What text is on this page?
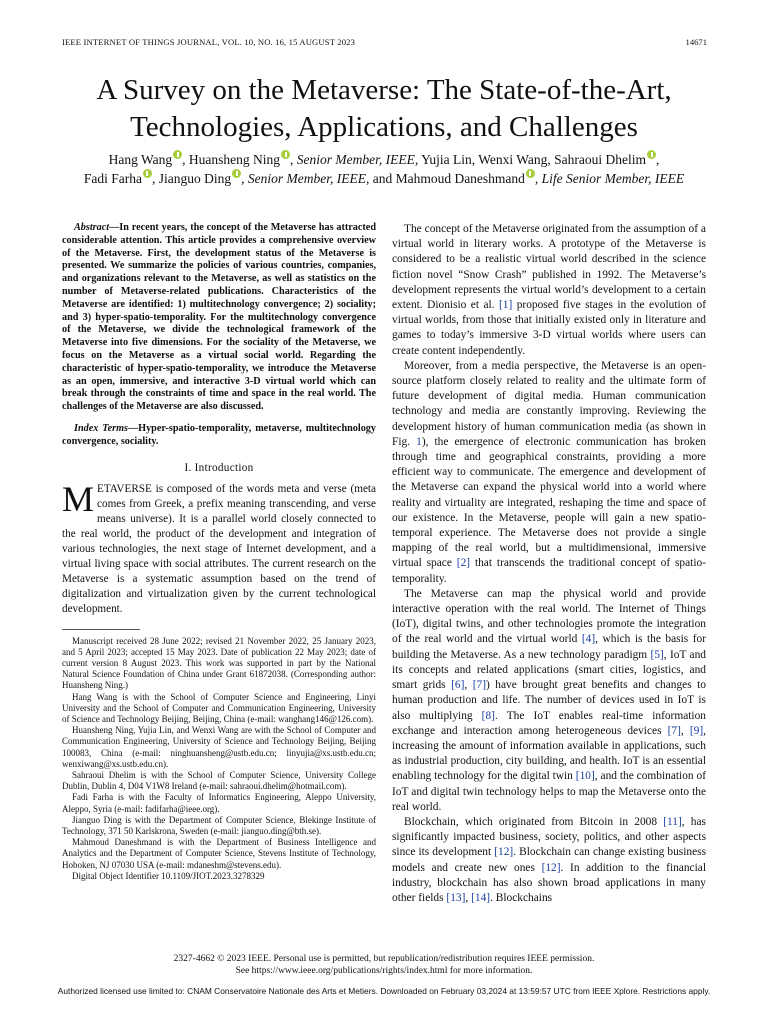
IEEE INTERNET OF THINGS JOURNAL, VOL. 10, NO. 16, 15 AUGUST 2023	14671
A Survey on the Metaverse: The State-of-the-Art,
Technologies, Applications, and Challenges
Hang Wang , Huansheng Ning , Senior Member, IEEE, Yujia Lin, Wenxi Wang, Sahraoui Dhelim ,
Fadi Farha , Jianguo Ding , Senior Member, IEEE, and Mahmoud Daneshmand , Life Senior Member, IEEE

Abstract—In recent years, the concept of the Metaverse has attracted considerable attention. This article provides a comprehensive overview of the Metaverse. First, the development status of the Metaverse is presented. We summarize the policies of various countries, companies, and organizations relevant to the Metaverse, as well as statistics on the number of Metaverse-related publications. Characteristics of the Metaverse are identified: 1) multitechnology convergence; 2) sociality; and 3) hyper-spatio-temporality. For the multitechnology convergence of the Metaverse, we divide the technological framework of the Metaverse into five dimensions. For the sociality of the Metaverse, we focus on the Metaverse as a virtual social world. Regarding the characteristic of hyper-spatio-temporality, we introduce the Metaverse as an open, immersive, and interactive 3-D virtual world which can break through the constraints of time and space in the real world. The challenges of the Metaverse are also discussed.

Index Terms—Hyper-spatio-temporality, metaverse, multitechnology convergence, sociality.

I. Introduction

METAVERSE is composed of the words meta and verse (meta comes from Greek, a prefix meaning transcending, and verse means universe). It is a parallel world closely connected to the real world, the product of the development and integration of various technologies, the next stage of Internet development, and a virtual living space with social attributes. The current research on the Metaverse is a systematic assumption based on the trend of digitalization and virtualization given by the current technological development.

Manuscript received 28 June 2022; revised 21 November 2022, 25 January 2023, and 5 April 2023; accepted 15 May 2023. Date of publication 22 May 2023; date of current version 8 August 2023. This work was supported in part by the National Natural Science Foundation of China under Grant 61872038. (Corresponding author: Huansheng Ning.)

Hang Wang is with the School of Computer Science and Engineering, Linyi University and the School of Computer and Communication Engineering, University of Science and Technology Beijing, Beijing, China (e-mail: wanghang146@126.com).

Huansheng Ning, Yujia Lin, and Wenxi Wang are with the School of Computer and Communication Engineering, University of Science and Technology Beijing, Beijing 100083, China (e-mail: ninghuansheng@ustb.edu.cn; linyujia@xs.ustb.edu.cn; wenxiwang@xs.ustb.edu.cn).

Sahraoui Dhelim is with the School of Computer Science, University College Dublin, Dublin 4, D04 V1W8 Ireland (e-mail: sahraoui.dhelim@hotmail.com).

Fadi Farha is with the Faculty of Informatics Engineering, Aleppo University, Aleppo, Syria (e-mail: fadifarha@ieee.org).

Jianguo Ding is with the Department of Computer Science, Blekinge Institute of Technology, 371 50 Karlskrona, Sweden (e-mail: jianguo.ding@bth.se).

Mahmoud Daneshmand is with the Department of Business Intelligence and Analytics and the Department of Computer Science, Stevens Institute of Technology, Hoboken, NJ 07030 USA (e-mail: mdaneshm@stevens.edu).

Digital Object Identifier 10.1109/JIOT.2023.3278329

The concept of the Metaverse originated from the assumption of a virtual world in literary works. A prototype of the Metaverse is considered to be a realistic virtual world described in the science fiction novel “Snow Crash” published in 1992. The Metaverse’s development represents the virtual world’s development to a certain extent. Dionisio et al. [1] proposed five stages in the evolution of virtual worlds, from those that initially existed only in literature and games to today’s immersive 3-D virtual worlds where users can create content independently.

Moreover, from a media perspective, the Metaverse is an open-source platform closely related to reality and the ultimate form of future development of digital media. Human communication technology and media are constantly improving. Reviewing the development history of human communication media (as shown in Fig. 1), the emergence of electronic communication has broken through time and geographical constraints, providing a more efficient way to communicate. The emergence and development of the Metaverse can expand the physical world into a world where reality and virtuality are integrated, reshaping the time and space of our existence. In the Metaverse, people will gain a new spatio-temporal experience. The Metaverse does not provide a single mapping of the real world, but a multidimensional, immersive virtual space [2] that transcends the traditional concept of spatio-temporality.

The Metaverse can map the physical world and provide interactive operation with the real world. The Internet of Things (IoT), digital twins, and other technologies promote the integration of the real world and the virtual world [4], which is the basis for building the Metaverse. As a new technology paradigm [5], IoT and its concepts and related applications (smart cities, logistics, and smart grids [6], [7]) have brought great benefits and changes to human production and life. The number of devices used in IoT is also multiplying [8]. The IoT enables real-time information exchange and interaction among heterogeneous devices [7], [9], increasing the amount of information available in applications, such as industrial production, city building, and health. IoT is an essential enabling technology for the digital twin [10], and the combination of IoT and digital twin technology helps to map the Metaverse onto the real world.

Blockchain, which originated from Bitcoin in 2008 [11], has significantly impacted business, society, politics, and other aspects since its development [12]. Blockchain can change existing business models and create new ones [12]. In addition to the financial industry, blockchain has also shown broad applications in many other fields [13], [14]. Blockchains

2327-4662 © 2023 IEEE. Personal use is permitted, but republication/redistribution requires IEEE permission.
See https://www.ieee.org/publications/rights/index.html for more information.
Authorized licensed use limited to: CNAM Conservatoire Nationale des Arts et Metiers. Downloaded on February 03,2024 at 13:59:57 UTC from IEEE Xplore. Restrictions apply.
